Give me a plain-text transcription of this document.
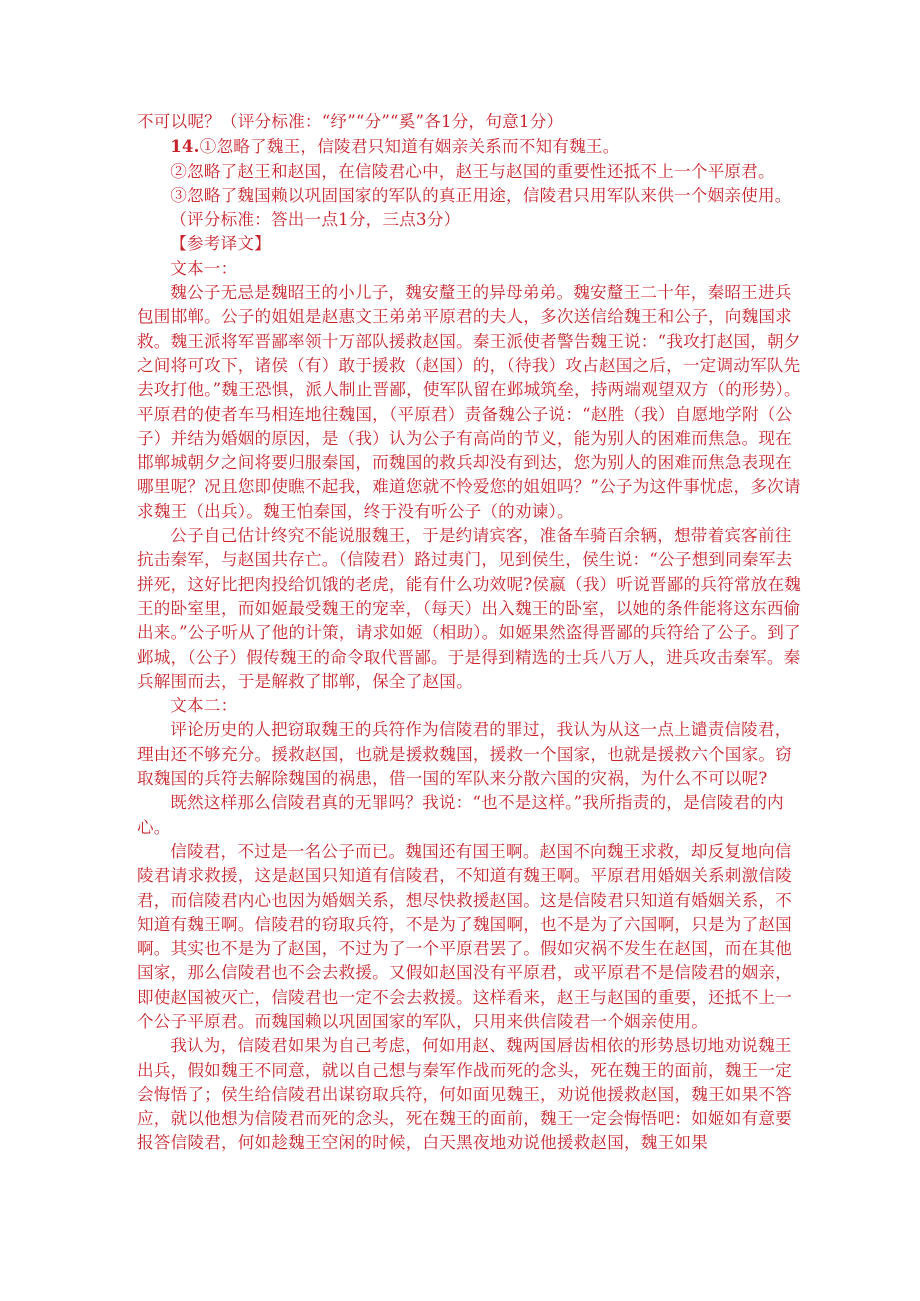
不可以呢？（评分标准：“纾”“分”“奚”各1分，句意1分）

14.①忽略了魏王，信陵君只知道有姻亲关系而不知有魏王。

②忽略了赵王和赵国，在信陵君心中，赵王与赵国的重要性还抵不上一个平原君。

③忽略了魏国赖以巩固国家的军队的真正用途，信陵君只用军队来供一个姻亲使用。

（评分标准：答出一点1分，三点3分）

【参考译文】

文本一：

魏公子无忌是魏昭王的小儿子，魏安釐王的异母弟弟。魏安釐王二十年，秦昭王进兵包围邯郸。公子的姐姐是赵惠文王弟弟平原君的夫人，多次送信给魏王和公子，向魏国求救。魏王派将军晋鄙率领十万部队援救赵国。秦王派使者警告魏王说：“我攻打赵国，朝夕之间将可攻下，诸侯（有）敢于援救（赵国）的，（待我）攻占赵国之后，一定调动军队先去攻打他。”魏王恐惧，派人制止晋鄙，使军队留在邺城筑垒，持两端观望双方（的形势）。平原君的使者车马相连地往魏国，（平原君）责备魏公子说：“赵胜（我）自愿地学附（公子）并结为婚姻的原因，是（我）认为公子有高尚的节义，能为别人的困难而焦急。现在邯郸城朝夕之间将要归服秦国，而魏国的救兵却没有到达，您为别人的困难而焦急表现在哪里呢？况且您即使瞧不起我，难道您就不怜爱您的姐姐吗？”公子为这件事忧虑，多次请求魏王（出兵）。魏王怕秦国，终于没有听公子（的劝谏）。

公子自己估计终究不能说服魏王，于是约请宾客，准备车骑百余辆，想带着宾客前往抗击秦军，与赵国共存亡。（信陵君）路过夷门，见到侯生，侯生说：“公子想到同秦军去拼死，这好比把肉投给饥饿的老虎，能有什么功效呢?侯嬴（我）听说晋鄙的兵符常放在魏王的卧室里，而如姬最受魏王的宠幸，（每天）出入魏王的卧室，以她的条件能将这东西偷出来。”公子听从了他的计策，请求如姬（相助）。如姬果然盗得晋鄙的兵符给了公子。到了邺城，（公子）假传魏王的命令取代晋鄙。于是得到精选的士兵八万人，进兵攻击秦军。秦兵解围而去，于是解救了邯郸，保全了赵国。

文本二：

评论历史的人把窃取魏王的兵符作为信陵君的罪过，我认为从这一点上谴责信陵君，理由还不够充分。援救赵国，也就是援救魏国，援救一个国家，也就是援救六个国家。窃取魏国的兵符去解除魏国的祸患，借一国的军队来分散六国的灾祸，为什么不可以呢?

既然这样那么信陵君真的无罪吗？我说：“也不是这样。”我所指责的，是信陵君的内心。

信陵君，不过是一名公子而已。魏国还有国王啊。赵国不向魏王求救，却反复地向信陵君请求救援，这是赵国只知道有信陵君，不知道有魏王啊。平原君用婚姻关系刺激信陵君，而信陵君内心也因为婚姻关系，想尽快救援赵国。这是信陵君只知道有婚姻关系，不知道有魏王啊。信陵君的窃取兵符，不是为了魏国啊，也不是为了六国啊，只是为了赵国啊。其实也不是为了赵国，不过为了一个平原君罢了。假如灾祸不发生在赵国，而在其他国家，那么信陵君也不会去救援。又假如赵国没有平原君，或平原君不是信陵君的姻亲，即使赵国被灭亡，信陵君也一定不会去救援。这样看来，赵王与赵国的重要，还抵不上一个公子平原君。而魏国赖以巩固国家的军队，只用来供信陵君一个姻亲使用。

我认为，信陵君如果为自己考虑，何如用赵、魏两国唇齿相依的形势恳切地劝说魏王出兵，假如魏王不同意，就以自己想与秦军作战而死的念头，死在魏王的面前，魏王一定会悔悟了；侯生给信陵君出谋窃取兵符，何如面见魏王，劝说他援救赵国，魏王如果不答应，就以他想为信陵君而死的念头，死在魏王的面前，魏王一定会悔悟吧：如姬如有意要报答信陵君，何如趁魏王空闲的时候，白天黑夜地劝说他援救赵国，魏王如果
